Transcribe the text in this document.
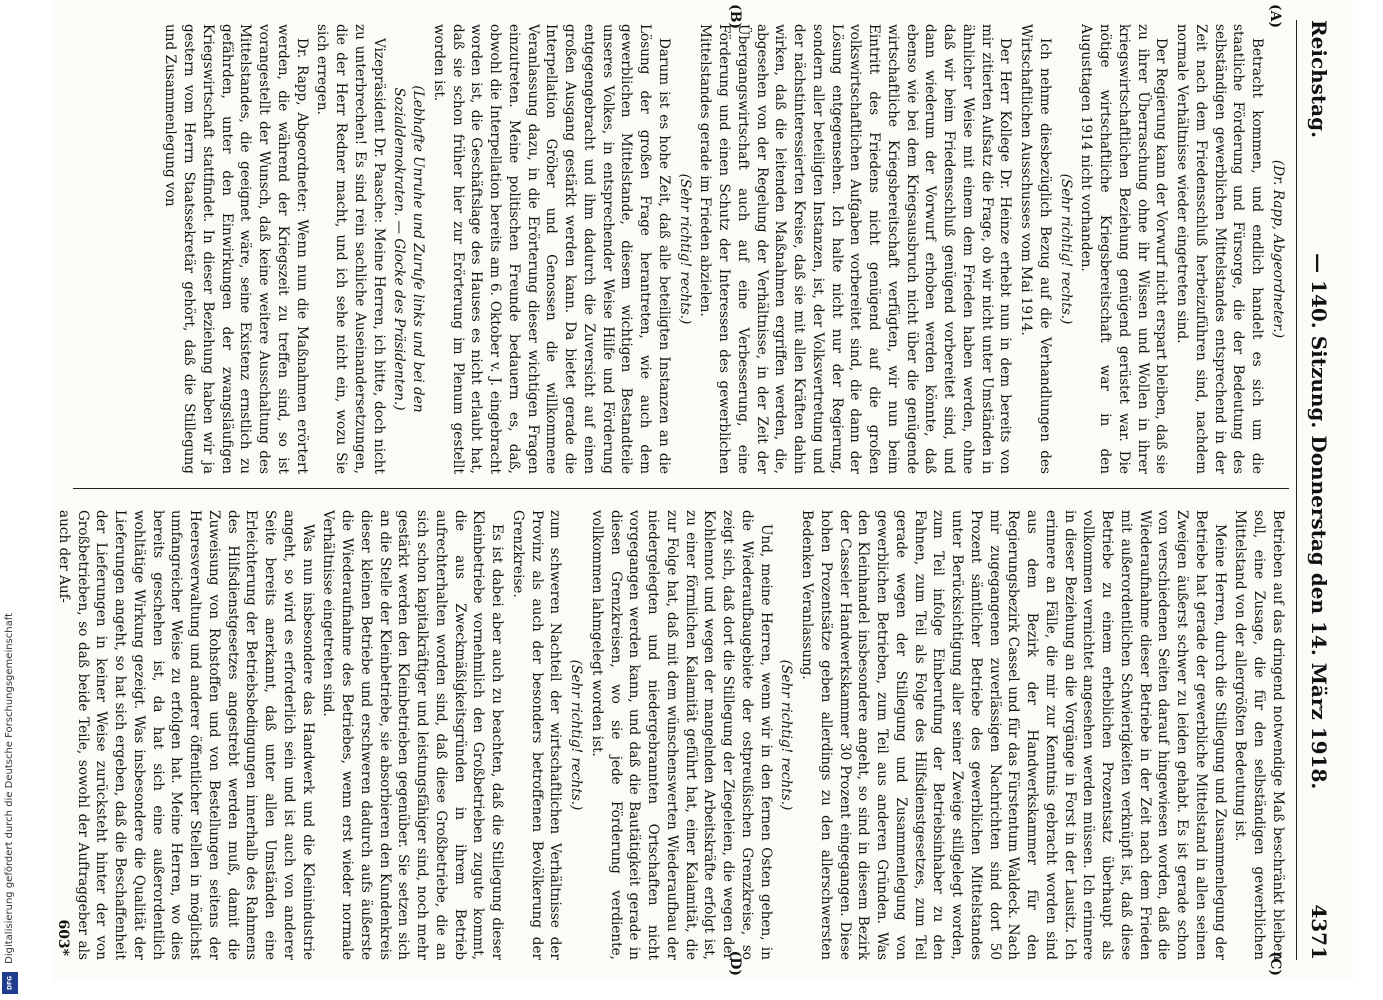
Digitalisierung gefördert durch die Deutsche Forschungsgemeinschaft
DFG
Reichstag.
— 140. Sitzung. Donnerstag den 14. März 1918.
4371
(A)
(B)
(C)
(D)

(Dr. Rapp, Abgeordneter.)

Betracht kommen, und endlich handelt es sich um die staatliche Förderung und Fürsorge, die der Bedeutung des selbständigen gewerblichen Mittelstandes entsprechend in der Zeit nach dem Friedensschluß herbeizuführen sind, nachdem normale Verhältnisse wieder eingetreten sind.

Der Regierung kann der Vorwurf nicht erspart bleiben, daß sie zu ihrer Überraschung ohne ihr Wissen und Wollen in ihrer kriegswirtschaftlichen Beziehung genügend gerüstet war. Die nötige wirtschaftliche Kriegsbereitschaft war in den Augusttagen 1914 nicht vorhanden.

(Sehr richtig! rechts.)

Ich nehme diesbezüglich Bezug auf die Verhandlungen des Wirtschaftlichen Ausschusses vom Mai 1914.

Der Herr Kollege Dr. Heinze erhebt nun in dem bereits von mir zitierten Aufsatz die Frage, ob wir nicht unter Umständen in ähnlicher Weise mit einem dem Frieden haben werden, ohne daß wir beim Friedensschluß genügend vorbereitet sind, und dann wiederum der Vorwurf erhoben werden könnte, daß ebenso wie bei dem Kriegsausbruch nicht über die genügende wirtschaftliche Kriegsbereitschaft verfügten, wir nun beim Eintritt des Friedens nicht genügend auf die großen volkswirtschaftlichen Aufgaben vorbereitet sind, die dann der Lösung entgegensehen. Ich halte nicht nur der Regierung, sondern aller beteiligten Instanzen, ist, der Volksvertretung und der nächstinteressierten Kreise, daß sie mit allen Kräften dahin wirken, daß die leitenden Maßnahmen ergriffen werden, die, abgesehen von der Regelung der Verhältnisse, in der Zeit der Übergangswirtschaft auch auf eine Verbesserung, eine Förderung und einen Schutz der Interessen des gewerblichen Mittelstandes gerade im Frieden abzielen.

(Sehr richtig! rechts.)

Darum ist es hohe Zeit, daß alle beteiligten Instanzen an die Lösung der großen Frage herantreten, wie auch dem gewerblichen Mittelstande, diesem wichtigen Bestandteile unseres Volkes, in entsprechender Weise Hilfe und Förderung entgegengebracht und ihm dadurch die Zuversicht auf einen großen Ausgang gestärkt werden kann. Da bietet gerade die Interpellation Gröber und Genossen die willkommene Veranlassung dazu, in die Erörterung dieser wichtigen Fragen einzutreten. Meine politischen Freunde bedauern es, daß, obwohl die Interpellation bereits am 6. Oktober v. J. eingebracht worden ist, die Geschäftslage des Hauses es nicht erlaubt hat, daß sie schon früher hier zur Erörterung im Plenum gestellt worden ist.

(Lebhafte Unruhe und Zurufe links und bei den Sozialdemokraten. — Glocke des Präsidenten.)

Vizepräsident Dr. Paasche: Meine Herren, ich bitte, doch nicht zu unterbrechen! Es sind rein sachliche Auseinandersetzungen, die der Herr Redner macht, und ich sehe nicht ein, wozu Sie sich erregen.

Dr. Rapp, Abgeordneter: Wenn nun die Maßnahmen erörtert werden, die während der Kriegszeit zu treffen sind, so ist vorangestellt der Wunsch, daß keine weitere Ausschaltung des Mittelstandes, die geeignet wäre, seine Existenz ernstlich zu gefährden, unter den Einwirkungen der zwangsläufigen Kriegswirtschaft stattfindet. In dieser Beziehung haben wir ja gestern vom Herrn Staatssekretär gehört, daß die Stillegung und Zusammenlegung von

Betrieben auf das dringend notwendige Maß beschränkt bleiben soll, eine Zusage, die für den selbständigen gewerblichen Mittelstand von der allergrößten Bedeutung ist.

Meine Herren, durch die Stillegung und Zusammenlegung der Betriebe hat gerade der gewerbliche Mittelstand in allen seinen Zweigen äußerst schwer zu leiden gehabt. Es ist gerade schon von verschiedenen Seiten darauf hingewiesen worden, daß die Wiederaufnahme dieser Betriebe in der Zeit nach dem Frieden mit außerordentlichen Schwierigkeiten verknüpft ist, daß diese Betriebe zu einem erheblichen Prozentsatz überhaupt als vollkommen vernichtet angesehen werden müssen. Ich erinnere in dieser Beziehung an die Vorgänge in Forst in der Lausitz. Ich erinnere an Fälle, die mir zur Kenntnis gebracht worden sind aus dem Bezirk der Handwerkskammer für den Regierungsbezirk Cassel und für das Fürstentum Waldeck. Nach mir zugegangenen zuverlässigen Nachrichten sind dort 50 Prozent sämtlicher Betriebe des gewerblichen Mittelstandes unter Berücksichtigung aller seiner Zweige stillgelegt worden, zum Teil infolge Einberufung der Betriebsinhaber zu den Fahnen, zum Teil als Folge des Hilfsdienstgesetzes, zum Teil gerade wegen der Stillegung und Zusammenlegung von gewerblichen Betrieben, zum Teil aus anderen Gründen. Was den Kleinhandel insbesondere angeht, so sind in diesem Bezirk der Casseler Handwerkskammer 30 Prozent eingegangen. Diese hohen Prozentsätze geben allerdings zu den allerschwersten Bedenken Veranlassung.

(Sehr richtig! rechts.)

Und, meine Herren, wenn wir in den fernen Osten gehen, in die Wiederaufbaugebiete der ostpreußischen Grenzkreise, so zeigt sich, daß dort die Stillegung der Ziegeleien, die wegen der Kohlennot und wegen der mangelnden Arbeitskräfte erfolgt ist, zu einer förmlichen Kalamität geführt hat, einer Kalamität, die zur Folge hat, daß mit dem wünschenswerten Wiederaufbau der niedergelegten und niedergebrannten Ortschaften nicht vorgegangen werden kann, und daß die Bautätigkeit gerade in diesen Grenzkreisen, wo sie jede Förderung verdiente, vollkommen lahmgelegt worden ist.

(Sehr richtig! rechts.)

zum schweren Nachteil der wirtschaftlichen Verhältnisse der Provinz als auch der besonders betroffenen Bevölkerung der Grenzkreise.

Es ist dabei aber auch zu beachten, daß die Stillegung dieser Kleinbetriebe vornehmlich den Großbetrieben zugute kommt, die aus Zweckmäßigkeitsgründen in ihrem Betrieb aufrechterhalten worden sind, daß diese Großbetriebe, die an sich schon kapitalkräftiger und leistungsfähiger sind, noch mehr gestärkt werden den Kleinbetrieben gegenüber. Sie setzen sich an die Stelle der Kleinbetriebe, sie absorbieren den Kundenkreis dieser kleinen Betriebe und erschweren dadurch aufs äußerste die Wiederaufnahme des Betriebes, wenn erst wieder normale Verhältnisse eingetreten sind.

Was nun insbesondere das Handwerk und die Kleinindustrie angeht, so wird es erforderlich sein und ist auch von anderer Seite bereits anerkannt, daß unter allen Umständen eine Erleichterung der Betriebsbedingungen innerhalb des Rahmens des Hilfsdienstgesetzes angestrebt werden muß, damit die Zuweisung von Rohstoffen und von Bestellungen seitens der Heeresverwaltung und anderer öffentlicher Stellen in möglichst umfangreicher Weise zu erfolgen hat. Meine Herren, wo dies bereits geschehen ist, da hat sich eine außerordentlich wohltätige Wirkung gezeigt. Was insbesondere die Qualität der Lieferungen angeht, so hat sich ergeben, daß die Beschaffenheit der Lieferungen in keiner Weise zurücksteht hinter der von Großbetrieben, so daß beide Teile, sowohl der Auftraggeber als auch der Auf-

603*
